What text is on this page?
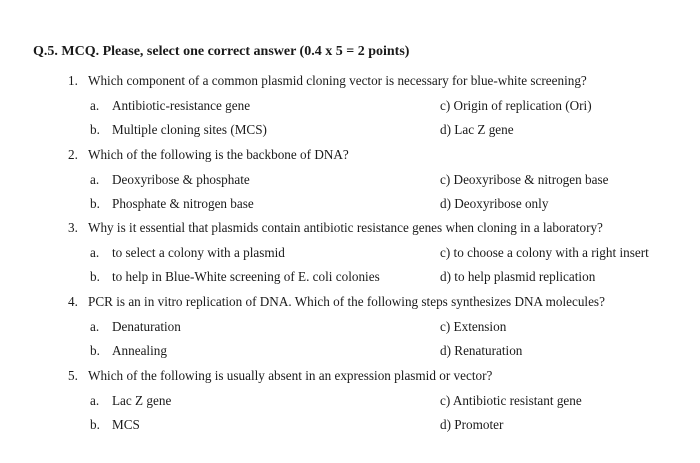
Q.5. MCQ. Please, select one correct answer (0.4 x 5 = 2 points)
1. Which component of a common plasmid cloning vector is necessary for blue-white screening?
a. Antibiotic-resistance gene	c) Origin of replication (Ori)
b. Multiple cloning sites (MCS)	d) Lac Z gene
2. Which of the following is the backbone of DNA?
a. Deoxyribose & phosphate	c) Deoxyribose & nitrogen base
b. Phosphate & nitrogen base	d) Deoxyribose only
3. Why is it essential that plasmids contain antibiotic resistance genes when cloning in a laboratory?
a. to select a colony with a plasmid	c) to choose a colony with a right insert
b. to help in Blue-White screening of E. coli colonies	d) to help plasmid replication
4. PCR is an in vitro replication of DNA. Which of the following steps synthesizes DNA molecules?
a. Denaturation	c) Extension
b. Annealing	d) Renaturation
5. Which of the following is usually absent in an expression plasmid or vector?
a. Lac Z gene	c) Antibiotic resistant gene
b. MCS	d) Promoter
